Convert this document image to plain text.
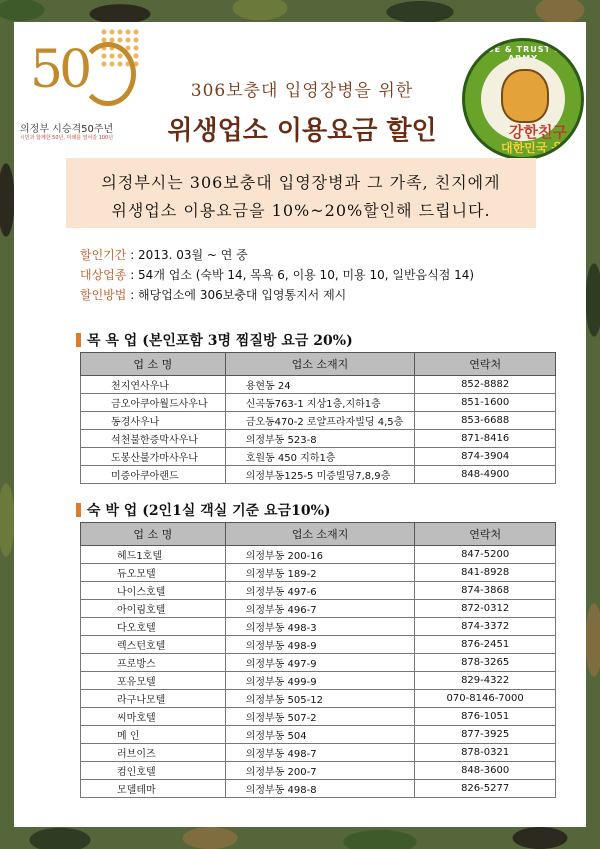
50
의정부 시승격50주년
시민과 함께한 50년, 미래를 열어갈 100년
306보충대 입영장병을 위한
위생업소 이용요금 할인
PRIDE & TRUST ROK
강한친구
대한민국 육군
의정부시는 306보충대 입영장병과 그 가족, 친지에게
위생업소 이용요금을 10%~20%할인해 드립니다.
할인기간 : 2013. 03월 ~ 연 중
대상업종 : 54개 업소 (숙박 14, 목욕 6, 이용 10, 미용 10, 일반음식점 14)
할인방법 : 해당업소에 306보충대 입영통지서 제시
목 욕 업 (본인포함 3명 찜질방 요금 20%)
업 소 명	업소 소재지	연락처
천지연사우나	용현동 24	852-8882
금오아쿠아월드사우나	신곡동763-1 지상1층,지하1층	851-1600
동경사우나	금오동470-2 로얄프라자빌딩 4,5층	853-6688
석천불한증막사우나	의정부동 523-8	871-8416
도봉산불가마사우나	호원동 450 지하1층	874-3904
미증아쿠아랜드	의정부동125-5 미증빌딩7,8,9층	848-4900
숙 박 업 (2인1실 객실 기준 요금10%)
업 소 명	업소 소재지	연락처
헤드1호텔	의정부동 200-16	847-5200
듀오모텔	의정부동 189-2	841-8928
나이스호텔	의정부동 497-6	874-3868
아이림호텔	의정부동 496-7	872-0312
다오호텔	의정부동 498-3	874-3372
렉스턴호텔	의정부동 498-9	876-2451
프로방스	의정부동 497-9	878-3265
포유모텔	의정부동 499-9	829-4322
라구나모텔	의정부동 505-12	070-8146-7000
씨마호텔	의정부동 507-2	876-1051
메 인	의정부동 504	877-3925
러브이즈	의정부동 498-7	878-0321
컴인호텔	의정부동 200-7	848-3600
모델테마	의정부동 498-8	826-5277
